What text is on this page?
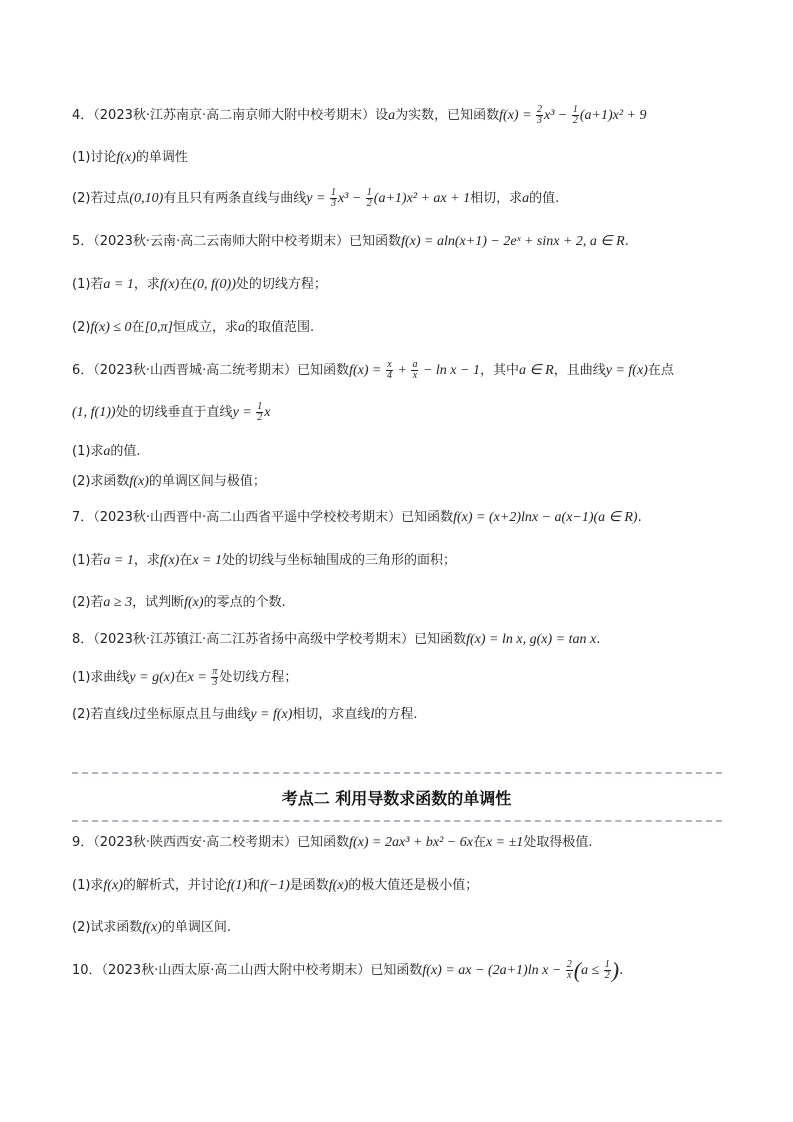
4．（2023秋·江苏南京·高二南京师大附中校考期末）设a为实数，已知函数$f(x) = \frac{2}{3} x^3 - \frac{1}{2} (a+1)x^2 + 9$
(1)讨论f(x)的单调性
(2)若过点(0,10)有且只有两条直线与曲线$y = \frac{1}{3} x^3 - \frac{1}{2} (a+1)x^2$ + ax + 1相切，求a的值.
5．（2023秋·云南·高二云南师大附中校考期末）已知函数f(x) = aln(x+1) − 2eˣ + sinx + 2, a ∈ R.
(1)若a = 1，求f(x)在(0, f(0))处的切线方程；
(2)f(x) ≤ 0在[0,π]恒成立，求a的取值范围.
6．（2023秋·山西晋城·高二统考期末）已知函数$f(x) = \frac{x}{4} + \frac{a}{x} - \ln x - 1$，其中a ∈ R，且曲线y = f(x)在点
(1, f(1))处的切线垂直于直线$y = \frac{1}{2}$ x
(1)求a的值.
(2)求函数f(x)的单调区间与极值；
7．（2023秋·山西晋中·高二山西省平遥中学校校考期末）已知函数f(x) = (x+2)lnx − a(x−1)(a ∈ R).
(1)若a = 1，求f(x)在x = 1处的切线与坐标轴围成的三角形的面积；
(2)若a ≥ 3，试判断f(x)的零点的个数.
8．（2023秋·江苏镇江·高二江苏省扬中高级中学校考期末）已知函数f(x) = ln x, g(x) = tan x.
(1)求曲线y = g(x)在$x = \frac{\pi}{3}$ 处切线方程；
(2)若直线l过坐标原点且与曲线y = f(x)相切，求直线l的方程.
考点二 利用导数求函数的单调性
9．（2023秋·陕西西安·高二校考期末）已知函数f(x) = 2ax³ + bx² − 6x在x = ±1处取得极值.
(1)求f(x)的解析式，并讨论f(1)和f(−1)是函数f(x)的极大值还是极小值；
(2)试求函数f(x)的单调区间.
10．（2023秋·山西太原·高二山西大附中校考期末）已知函数f(x) = ax − (2a+1)ln $x - \frac{2}{x} (a \le \frac{1}{2}$ ).
